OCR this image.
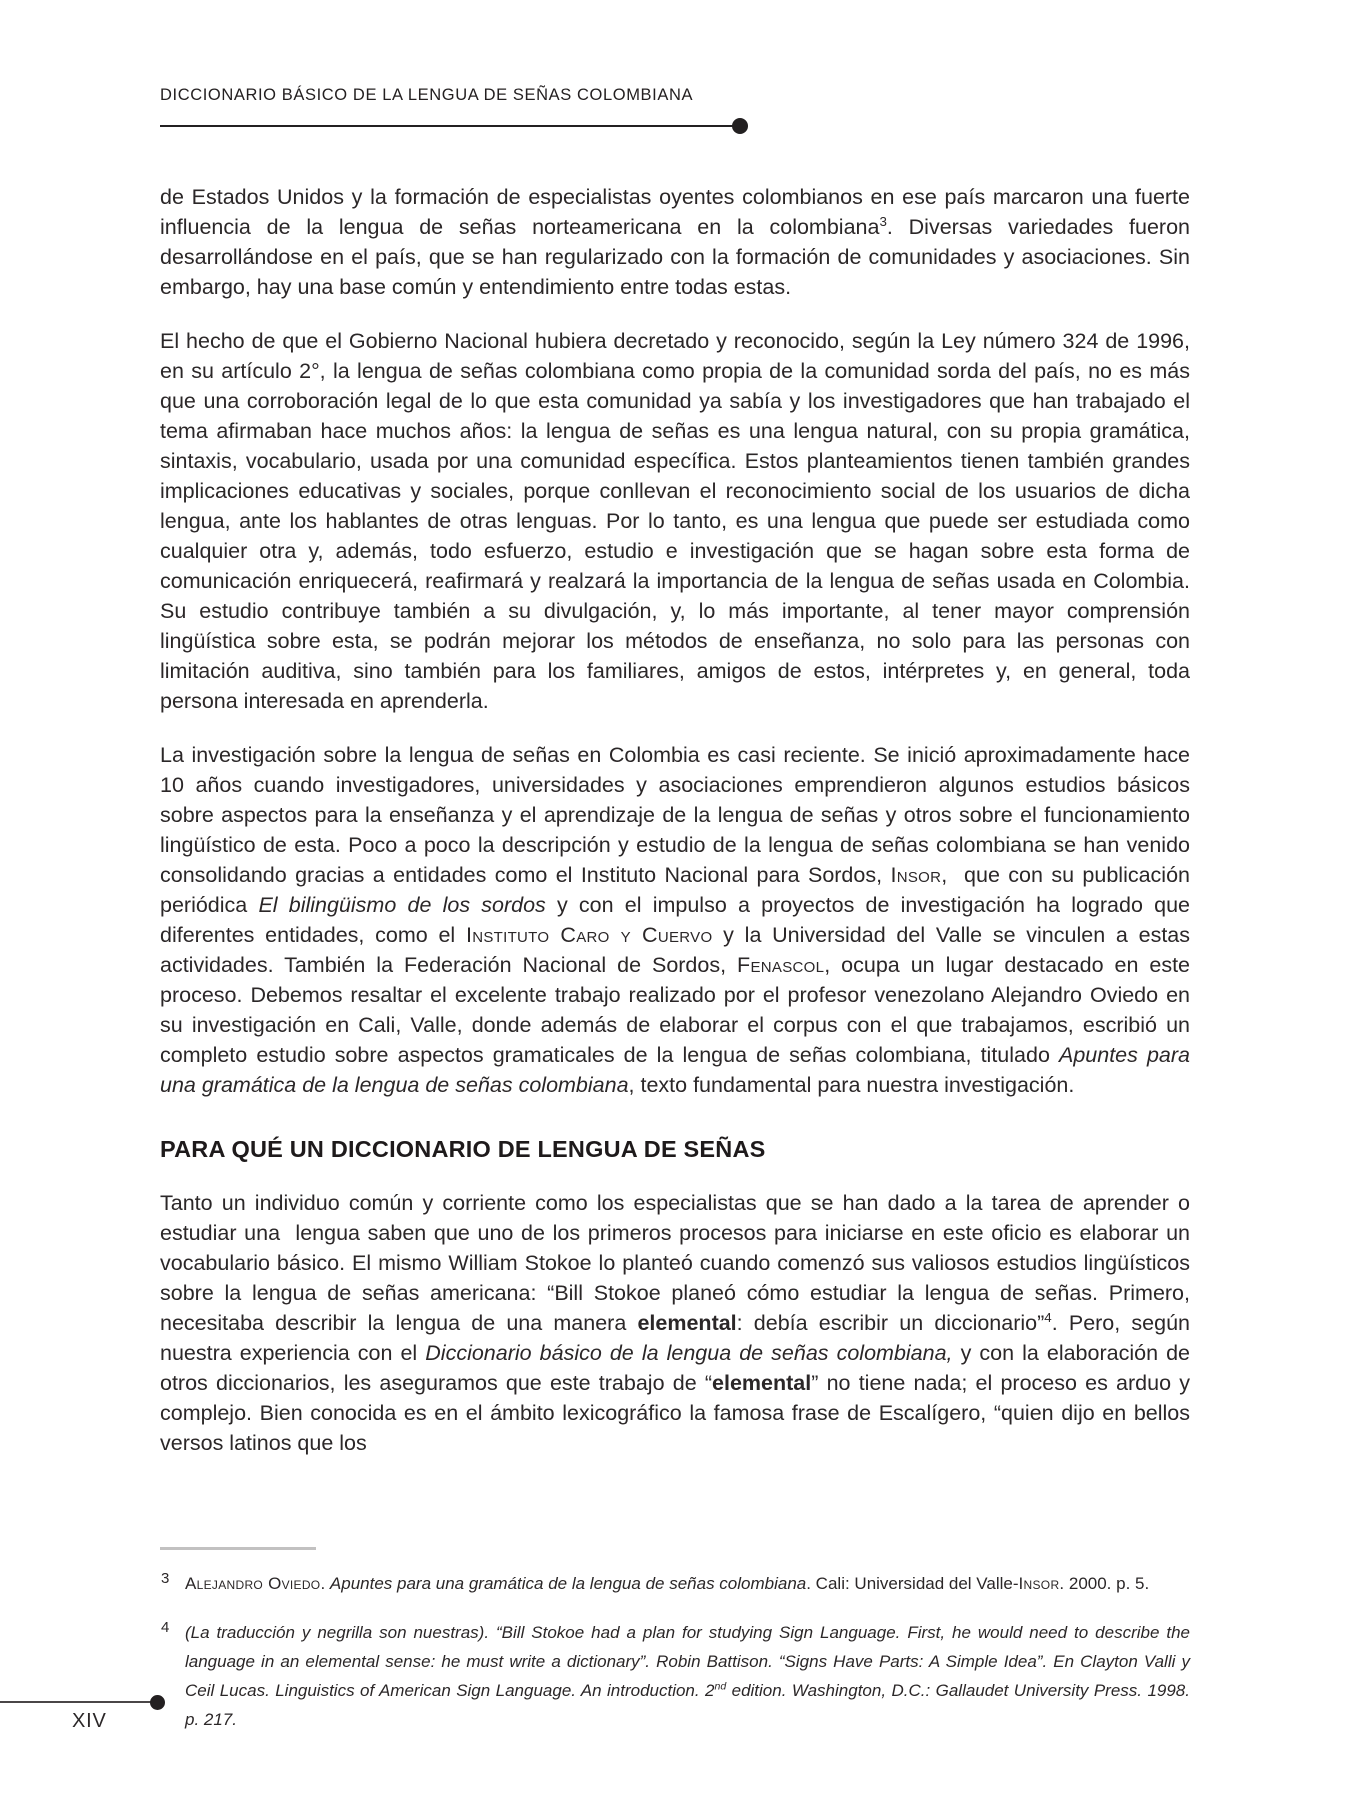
DICCIONARIO BÁSICO DE LA LENGUA DE SEÑAS COLOMBIANA

de Estados Unidos y la formación de especialistas oyentes colombianos en ese país marcaron una fuerte influencia de la lengua de señas norteamericana en la colombiana$^3$. Diversas variedades fueron desarrollándose en el país, que se han regularizado con la formación de comunidades y asociaciones. Sin embargo, hay una base común y entendimiento entre todas estas.

El hecho de que el Gobierno Nacional hubiera decretado y reconocido, según la Ley número 324 de 1996, en su artículo 2°, la lengua de señas colombiana como propia de la comunidad sorda del país, no es más que una corroboración legal de lo que esta comunidad ya sabía y los investigadores que han trabajado el tema afirmaban hace muchos años: la lengua de señas es una lengua natural, con su propia gramática, sintaxis, vocabulario, usada por una comunidad específica. Estos planteamientos tienen también grandes implicaciones educativas y sociales, porque conllevan el reconocimiento social de los usuarios de dicha lengua, ante los hablantes de otras lenguas. Por lo tanto, es una lengua que puede ser estudiada como cualquier otra y, además, todo esfuerzo, estudio e investigación que se hagan sobre esta forma de comunicación enriquecerá, reafirmará y realzará la importancia de la lengua de señas usada en Colombia. Su estudio contribuye también a su divulgación, y, lo más importante, al tener mayor comprensión lingüística sobre esta, se podrán mejorar los métodos de enseñanza, no solo para las personas con limitación auditiva, sino también para los familiares, amigos de estos, intérpretes y, en general, toda persona interesada en aprenderla.

La investigación sobre la lengua de señas en Colombia es casi reciente. Se inició aproximadamente hace 10 años cuando investigadores, universidades y asociaciones emprendieron algunos estudios básicos sobre aspectos para la enseñanza y el aprendizaje de la lengua de señas y otros sobre el funcionamiento lingüístico de esta. Poco a poco la descripción y estudio de la lengua de señas colombiana se han venido consolidando gracias a entidades como el Instituto Nacional para Sordos, Insor,  que con su publicación periódica El bilingüismo de los sordos y con el impulso a proyectos de investigación ha logrado que diferentes entidades, como el Instituto Caro y Cuervo y la Universidad del Valle se vinculen a estas actividades. También la Federación Nacional de Sordos, Fenascol, ocupa un lugar destacado en este proceso. Debemos resaltar el excelente trabajo realizado por el profesor venezolano Alejandro Oviedo en su investigación en Cali, Valle, donde además de elaborar el corpus con el que trabajamos, escribió un completo estudio sobre aspectos gramaticales de la lengua de señas colombiana, titulado Apuntes para una gramática de la lengua de señas colombiana, texto fundamental para nuestra investigación.

PARA QUÉ UN DICCIONARIO DE LENGUA DE SEÑAS

Tanto un individuo común y corriente como los especialistas que se han dado a la tarea de aprender o estudiar una  lengua saben que uno de los primeros procesos para iniciarse en este oficio es elaborar un vocabulario básico. El mismo William Stokoe lo planteó cuando comenzó sus valiosos estudios lingüísticos sobre la lengua de señas americana: “Bill Stokoe planeó cómo estudiar la lengua de señas. Primero, necesitaba describir la lengua de una manera elemental: debía escribir un diccionario”$^4$. Pero, según nuestra experiencia con el Diccionario básico de la lengua de señas colombiana, y con la elaboración de otros diccionarios, les aseguramos que este trabajo de “elemental” no tiene nada; el proceso es arduo y complejo. Bien conocida es en el ámbito lexicográfico la famosa frase de Escalígero, “quien dijo en bellos versos latinos que los

3 Alejandro Oviedo. Apuntes para una gramática de la lengua de señas colombiana. Cali: Universidad del Valle-Insor. 2000. p. 5.
4 (La traducción y negrilla son nuestras). “Bill Stokoe had a plan for studying Sign Language. First, he would need to describe the language in an elemental sense: he must write a dictionary”. Robin Battison. “Signs Have Parts: A Simple Idea”. En Clayton Valli y Ceil Lucas. Linguistics of American Sign Language. An introduction. 2nd edition. Washington, D.C.: Gallaudet University Press. 1998. p. 217.
XIV
